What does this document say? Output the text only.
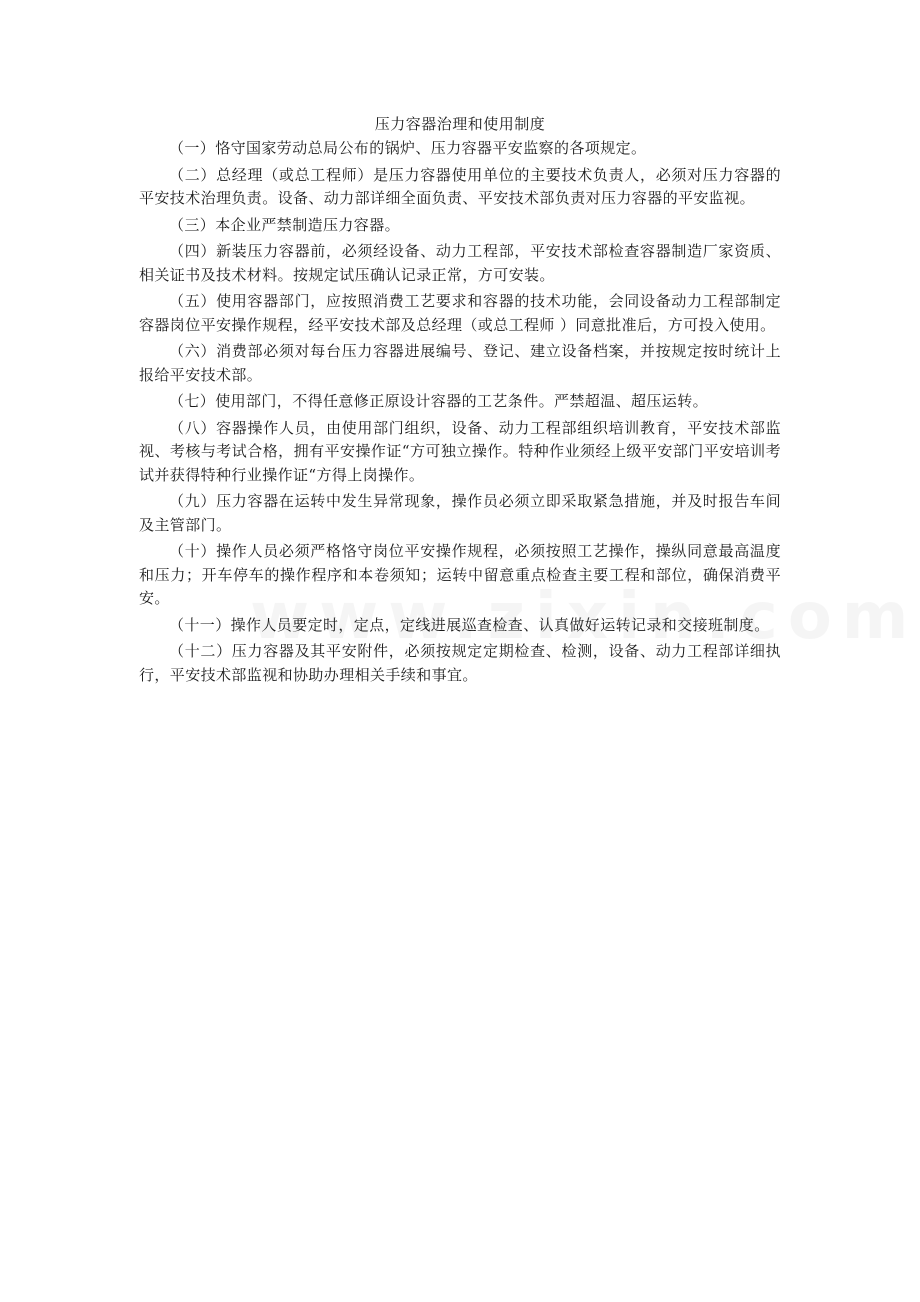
压力容器治理和使用制度

（一）恪守国家劳动总局公布的锅炉、压力容器平安监察的各项规定。

（二）总经理（或总工程师）是压力容器使用单位的主要技术负责人，必须对压力容器的平安技术治理负责。设备、动力部详细全面负责、平安技术部负责对压力容器的平安监视。

（三）本企业严禁制造压力容器。

（四）新装压力容器前，必须经设备、动力工程部，平安技术部检查容器制造厂家资质、相关证书及技术材料。按规定试压确认记录正常，方可安装。

（五）使用容器部门，应按照消费工艺要求和容器的技术功能，会同设备动力工程部制定容器岗位平安操作规程，经平安技术部及总经理（或总工程师 ）同意批准后，方可投入使用。

（六）消费部必须对每台压力容器进展编号、登记、建立设备档案，并按规定按时统计上报给平安技术部。

（七）使用部门，不得任意修正原设计容器的工艺条件。严禁超温、超压运转。

（八）容器操作人员，由使用部门组织，设备、动力工程部组织培训教育，平安技术部监视、考核与考试合格，拥有平安操作证“方可独立操作。特种作业须经上级平安部门平安培训考试并获得特种行业操作证“方得上岗操作。

（九）压力容器在运转中发生异常现象，操作员必须立即采取紧急措施，并及时报告车间及主管部门。

（十）操作人员必须严格恪守岗位平安操作规程，必须按照工艺操作，操纵同意最高温度和压力；开车停车的操作程序和本卷须知；运转中留意重点检查主要工程和部位，确保消费平安。

（十一）操作人员要定时，定点，定线进展巡查检查、认真做好运转记录和交接班制度。

（十二）压力容器及其平安附件，必须按规定定期检查、检测，设备、动力工程部详细执行，平安技术部监视和协助办理相关手续和事宜。
